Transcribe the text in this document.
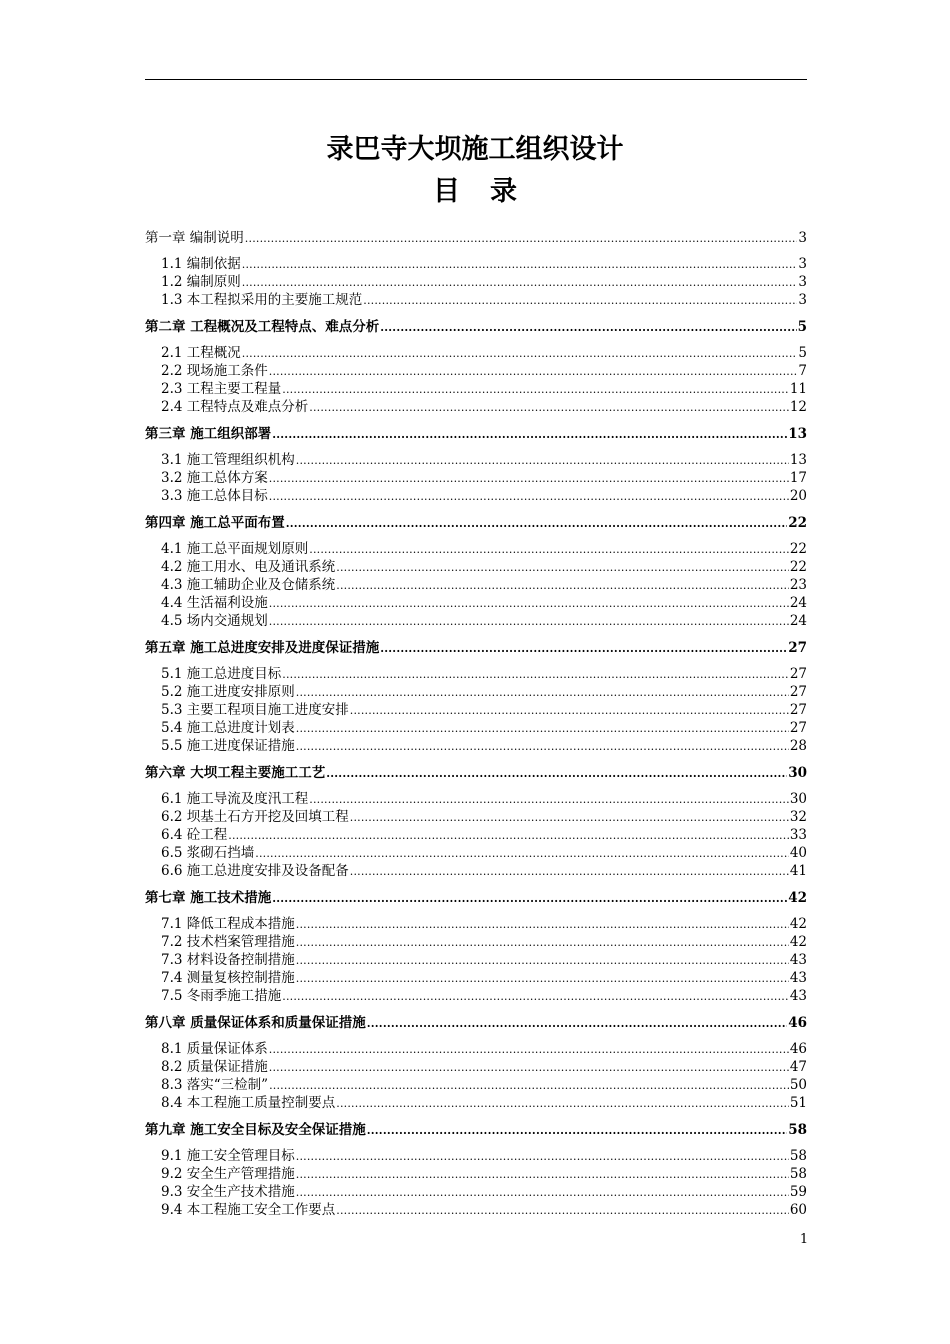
录巴寺大坝施工组织设计
目录
第一章 编制说明 .....	3
1.1 编制依据 .....	3
1.2 编制原则 .....	3
1.3 本工程拟采用的主要施工规范 .....	3
第二章 工程概况及工程特点、难点分析 .....	5
2.1 工程概况 .....	5
2.2 现场施工条件 .....	7
2.3 工程主要工程量 .....	11
2.4 工程特点及难点分析 .....	12
第三章 施工组织部署 .....	13
3.1 施工管理组织机构 .....	13
3.2 施工总体方案 .....	17
3.3 施工总体目标 .....	20
第四章 施工总平面布置 .....	22
4.1 施工总平面规划原则 .....	22
4.2 施工用水、电及通讯系统 .....	22
4.3 施工辅助企业及仓储系统 .....	23
4.4 生活福利设施 .....	24
4.5 场内交通规划 .....	24
第五章 施工总进度安排及进度保证措施 .....	27
5.1 施工总进度目标 .....	27
5.2 施工进度安排原则 .....	27
5.3 主要工程项目施工进度安排 .....	27
5.4 施工总进度计划表 .....	27
5.5 施工进度保证措施 .....	28
第六章 大坝工程主要施工工艺 .....	30
6.1 施工导流及度汛工程 .....	30
6.2 坝基土石方开挖及回填工程 .....	32
6.4 砼工程 .....	33
6.5 浆砌石挡墙 .....	40
6.6 施工总进度安排及设备配备 .....	41
第七章 施工技术措施 .....	42
7.1 降低工程成本措施 .....	42
7.2 技术档案管理措施 .....	42
7.3 材料设备控制措施 .....	43
7.4 测量复核控制措施 .....	43
7.5 冬雨季施工措施 .....	43
第八章 质量保证体系和质量保证措施 .....	46
8.1 质量保证体系 .....	46
8.2 质量保证措施 .....	47
8.3 落实“三检制” .....	50
8.4 本工程施工质量控制要点 .....	51
第九章 施工安全目标及安全保证措施 .....	58
9.1 施工安全管理目标 .....	58
9.2 安全生产管理措施 .....	58
9.3 安全生产技术措施 .....	59
9.4 本工程施工安全工作要点 .....	60
1
